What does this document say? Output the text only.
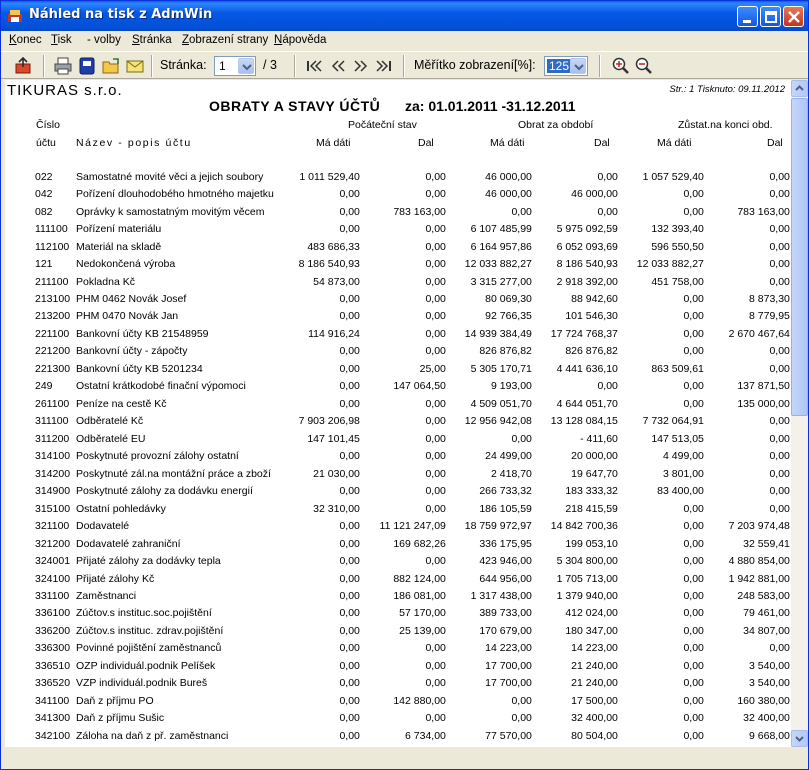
Náhled na tisk z AdmWin
Konec Tisk - volby Stránka Zobrazení strany Nápověda
Stránka: 1	/ 3	Měřítko zobrazení[%]: 125
TIKURAS s.r.o.	Str.: 1 Tisknuto: 09.11.2012
OBRATY A STAVY ÚČTŮ za: 01.01.2011 -31.12.2011
Číslo
účtu Název - popis účtu
Počáteční stav	Obrat za období	Zůstat.na konci obd.
Má dáti	Dal	Má dáti	Dal	Má dáti	Dal
022	Samostatné movité věci a jejich soubory	1 011 529,40	0,00	46 000,00	0,00	1 057 529,40	0,00
042	Pořízení dlouhodobého hmotného majetku	0,00	0,00	46 000,00	46 000,00	0,00	0,00
082	Oprávky k samostatným movitým věcem	0,00	783 163,00	0,00	0,00	0,00	783 163,00
111100	Pořízení materiálu	0,00	0,00	6 107 485,99	5 975 092,59	132 393,40	0,00
112100	Materiál na skladě	483 686,33	0,00	6 164 957,86	6 052 093,69	596 550,50	0,00
121	Nedokončená výroba	8 186 540,93	0,00	12 033 882,27	8 186 540,93	12 033 882,27	0,00
211100	Pokladna Kč	54 873,00	0,00	3 315 277,00	2 918 392,00	451 758,00	0,00
213100	PHM 0462 Novák Josef	0,00	0,00	80 069,30	88 942,60	0,00	8 873,30
213200	PHM 0470 Novák Jan	0,00	0,00	92 766,35	101 546,30	0,00	8 779,95
221100	Bankovní účty KB 21548959	114 916,24	0,00	14 939 384,49	17 724 768,37	0,00	2 670 467,64
221200	Bankovní účty - zápočty	0,00	0,00	826 876,82	826 876,82	0,00	0,00
221300	Bankovní účty KB 5201234	0,00	25,00	5 305 170,71	4 441 636,10	863 509,61	0,00
249	Ostatní krátkodobé finační výpomoci	0,00	147 064,50	9 193,00	0,00	0,00	137 871,50
261100	Peníze na cestě Kč	0,00	0,00	4 509 051,70	4 644 051,70	0,00	135 000,00
311100	Odběratelé Kč	7 903 206,98	0,00	12 956 942,08	13 128 084,15	7 732 064,91	0,00
311200	Odběratelé EU	147 101,45	0,00	0,00	- 411,60	147 513,05	0,00
314100	Poskytnuté provozní zálohy ostatní	0,00	0,00	24 499,00	20 000,00	4 499,00	0,00
314200	Poskytnuté zál.na montážní práce a zboží	21 030,00	0,00	2 418,70	19 647,70	3 801,00	0,00
314900	Poskytnuté zálohy za dodávku energií	0,00	0,00	266 733,32	183 333,32	83 400,00	0,00
315100	Ostatní pohledávky	32 310,00	0,00	186 105,59	218 415,59	0,00	0,00
321100	Dodavatelé	0,00	11 121 247,09	18 759 972,97	14 842 700,36	0,00	7 203 974,48
321200	Dodavatelé zahraniční	0,00	169 682,26	336 175,95	199 053,10	0,00	32 559,41
324001	Přijaté zálohy za dodávky tepla	0,00	0,00	423 946,00	5 304 800,00	0,00	4 880 854,00
324100	Přijaté zálohy Kč	0,00	882 124,00	644 956,00	1 705 713,00	0,00	1 942 881,00
331100	Zaměstnanci	0,00	186 081,00	1 317 438,00	1 379 940,00	0,00	248 583,00
336100	Zúčtov.s instituc.soc.pojištění	0,00	57 170,00	389 733,00	412 024,00	0,00	79 461,00
336200	Zúčtov.s instituc. zdrav.pojištění	0,00	25 139,00	170 679,00	180 347,00	0,00	34 807,00
336300	Povinné pojištění zaměstnanců	0,00	0,00	14 223,00	14 223,00	0,00	0,00
336510	OZP individuál.podnik Pelíšek	0,00	0,00	17 700,00	21 240,00	0,00	3 540,00
336520	VZP individuál.podnik Bureš	0,00	0,00	17 700,00	21 240,00	0,00	3 540,00
341100	Daň z příjmu PO	0,00	142 880,00	0,00	17 500,00	0,00	160 380,00
341300	Daň z příjmu Sušic	0,00	0,00	0,00	32 400,00	0,00	32 400,00
342100	Záloha na daň z př. zaměstnanci	0,00	6 734,00	77 570,00	80 504,00	0,00	9 668,00
